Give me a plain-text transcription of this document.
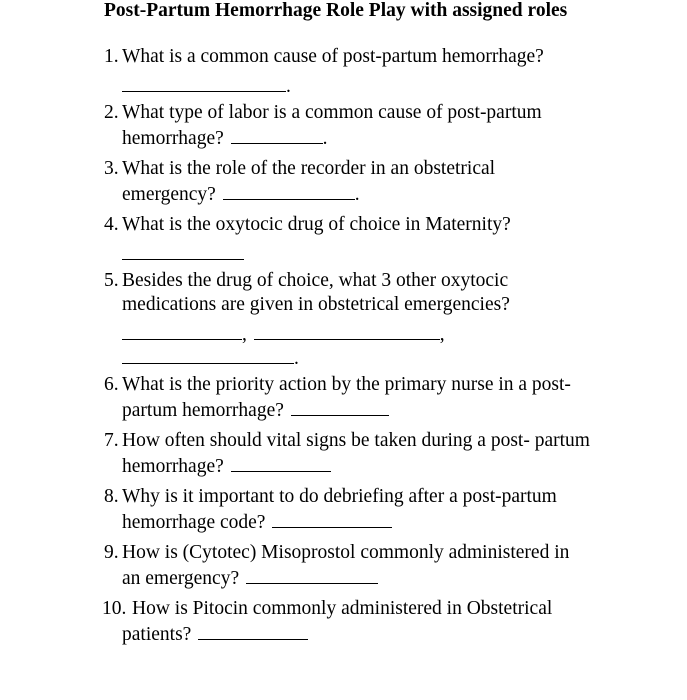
Post-Partum Hemorrhage Role Play with assigned roles
1. What is a common cause of post-partum hemorrhage?
.
2. What type of labor is a common cause of post-partum
hemorrhage?	.
3. What is the role of the recorder in an obstetrical
emergency?	.
4. What is the oxytocic drug of choice in Maternity?
5. Besides the drug of choice, what 3 other oxytocic
medications are given in obstetrical emergencies?
,	,
.
6. What is the priority action by the primary nurse in a post-
partum hemorrhage?
7. How often should vital signs be taken during a post- partum
hemorrhage?
8. Why is it important to do debriefing after a post-partum
hemorrhage code?
9. How is (Cytotec) Misoprostol commonly administered in
an emergency?
10. How is Pitocin commonly administered in Obstetrical
patients?
